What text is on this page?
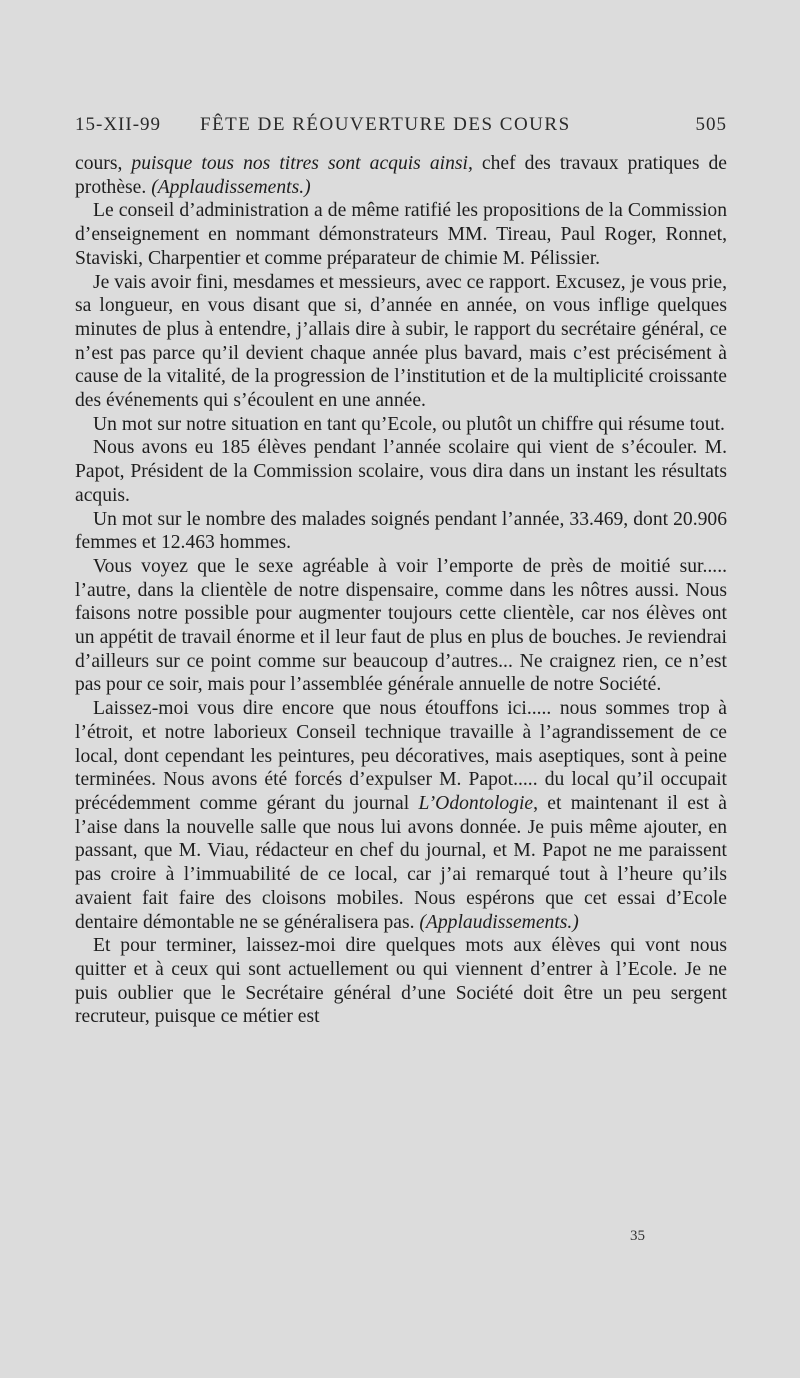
15-XII-99 FÊTE DE RÉOUVERTURE DES COURS	505

cours, puisque tous nos titres sont acquis ainsi, chef des travaux pratiques de prothèse. (Applaudissements.)

Le conseil d’administration a de même ratifié les propositions de la Commission d’enseignement en nommant démonstrateurs MM. Tireau, Paul Roger, Ronnet, Staviski, Charpentier et comme préparateur de chimie M. Pélissier.

Je vais avoir fini, mesdames et messieurs, avec ce rapport. Excusez, je vous prie, sa longueur, en vous disant que si, d’année en année, on vous inflige quelques minutes de plus à entendre, j’allais dire à subir, le rapport du secrétaire général, ce n’est pas parce qu’il devient chaque année plus bavard, mais c’est précisément à cause de la vitalité, de la progression de l’institution et de la multiplicité croissante des événements qui s’écoulent en une année.

Un mot sur notre situation en tant qu’Ecole, ou plutôt un chiffre qui résume tout.

Nous avons eu 185 élèves pendant l’année scolaire qui vient de s’écouler. M. Papot, Président de la Commission scolaire, vous dira dans un instant les résultats acquis.

Un mot sur le nombre des malades soignés pendant l’année, 33.469, dont 20.906 femmes et 12.463 hommes.

Vous voyez que le sexe agréable à voir l’emporte de près de moitié sur..... l’autre, dans la clientèle de notre dispensaire, comme dans les nôtres aussi. Nous faisons notre possible pour augmenter toujours cette clientèle, car nos élèves ont un appétit de travail énorme et il leur faut de plus en plus de bouches. Je reviendrai d’ailleurs sur ce point comme sur beaucoup d’autres... Ne craignez rien, ce n’est pas pour ce soir, mais pour l’assemblée générale annuelle de notre Société.

Laissez-moi vous dire encore que nous étouffons ici..... nous sommes trop à l’étroit, et notre laborieux Conseil technique travaille à l’agrandissement de ce local, dont cependant les peintures, peu décoratives, mais aseptiques, sont à peine terminées. Nous avons été forcés d’expulser M. Papot..... du local qu’il occupait précédemment comme gérant du journal L’Odontologie, et maintenant il est à l’aise dans la nouvelle salle que nous lui avons donnée. Je puis même ajouter, en passant, que M. Viau, rédacteur en chef du journal, et M. Papot ne me paraissent pas croire à l’immuabilité de ce local, car j’ai remarqué tout à l’heure qu’ils avaient fait faire des cloisons mobiles. Nous espérons que cet essai d’Ecole dentaire démontable ne se généralisera pas. (Applaudissements.)

Et pour terminer, laissez-moi dire quelques mots aux élèves qui vont nous quitter et à ceux qui sont actuellement ou qui viennent d’entrer à l’Ecole. Je ne puis oublier que le Secrétaire général d’une Société doit être un peu sergent recruteur, puisque ce métier est

35
